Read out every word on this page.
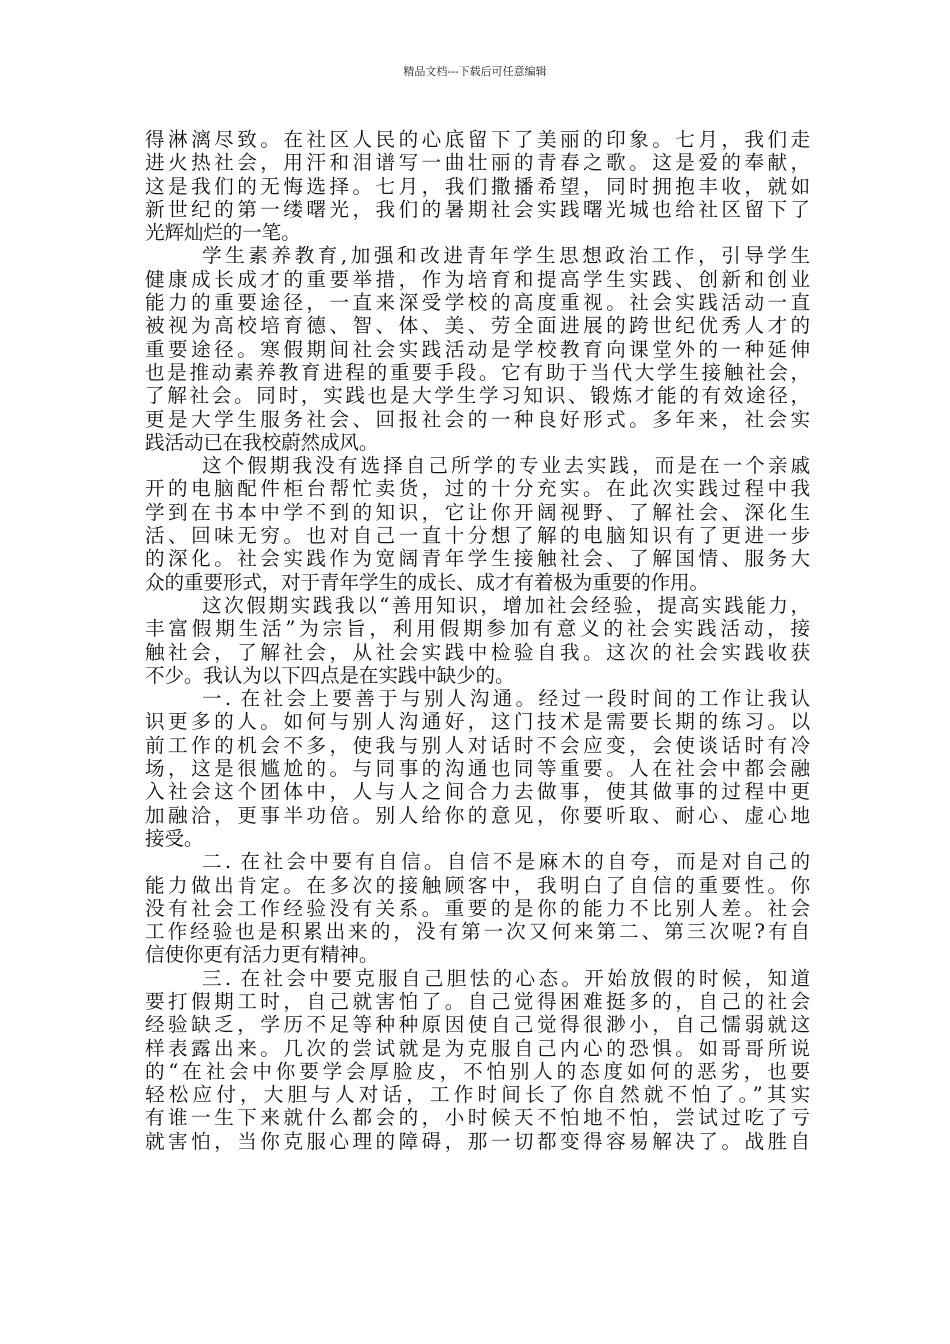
精品文档---下载后可任意编辑
得淋漓尽致。在社区人民的心底留下了美丽的印象。七月，我们走
进火热社会，用汗和泪谱写一曲壮丽的青春之歌。这是爱的奉献，
这是我们的无悔选择。七月，我们撒播希望，同时拥抱丰收，就如
新世纪的第一缕曙光，我们的暑期社会实践曙光城也给社区留下了
光辉灿烂的一笔。
学生素养教育,加强和改进青年学生思想政治工作，引导学生
健康成长成才的重要举措，作为培育和提高学生实践、创新和创业
能力的重要途径，一直来深受学校的高度重视。社会实践活动一直
被视为高校培育德、智、体、美、劳全面进展的跨世纪优秀人才的
重要途径。寒假期间社会实践活动是学校教育向课堂外的一种延伸
也是推动素养教育进程的重要手段。它有助于当代大学生接触社会，
了解社会。同时，实践也是大学生学习知识、锻炼才能的有效途径，
更是大学生服务社会、回报社会的一种良好形式。多年来，社会实
践活动已在我校蔚然成风。
这个假期我没有选择自己所学的专业去实践，而是在一个亲戚
开的电脑配件柜台帮忙卖货，过的十分充实。在此次实践过程中我
学到在书本中学不到的知识，它让你开阔视野、了解社会、深化生
活、回味无穷。也对自己一直十分想了解的电脑知识有了更进一步
的深化。社会实践作为宽阔青年学生接触社会、了解国情、服务大
众的重要形式，对于青年学生的成长、成才有着极为重要的作用。
这次假期实践我以“善用知识，增加社会经验，提高实践能力，
丰富假期生活”为宗旨，利用假期参加有意义的社会实践活动，接
触社会，了解社会，从社会实践中检验自我。这次的社会实践收获
不少。我认为以下四点是在实践中缺少的。
一. 在社会上要善于与别人沟通。经过一段时间的工作让我认
识更多的人。如何与别人沟通好，这门技术是需要长期的练习。以
前工作的机会不多，使我与别人对话时不会应变，会使谈话时有冷
场，这是很尴尬的。与同事的沟通也同等重要。人在社会中都会融
入社会这个团体中，人与人之间合力去做事，使其做事的过程中更
加融洽，更事半功倍。别人给你的意见，你要听取、耐心、虚心地
接受。
二. 在社会中要有自信。自信不是麻木的自夸，而是对自己的
能力做出肯定。在多次的接触顾客中，我明白了自信的重要性。你
没有社会工作经验没有关系。重要的是你的能力不比别人差。社会
工作经验也是积累出来的，没有第一次又何来第二、第三次呢?有自
信使你更有活力更有精神。
三. 在社会中要克服自己胆怯的心态。开始放假的时候，知道
要打假期工时，自己就害怕了。自己觉得困难挺多的，自己的社会
经验缺乏，学历不足等种种原因使自己觉得很渺小，自己懦弱就这
样表露出来。几次的尝试就是为克服自己内心的恐惧。如哥哥所说
的“在社会中你要学会厚脸皮，不怕别人的态度如何的恶劣，也要
轻松应付，大胆与人对话，工作时间长了你自然就不怕了。”其实
有谁一生下来就什么都会的，小时候天不怕地不怕，尝试过吃了亏
就害怕，当你克服心理的障碍，那一切都变得容易解决了。战胜自
